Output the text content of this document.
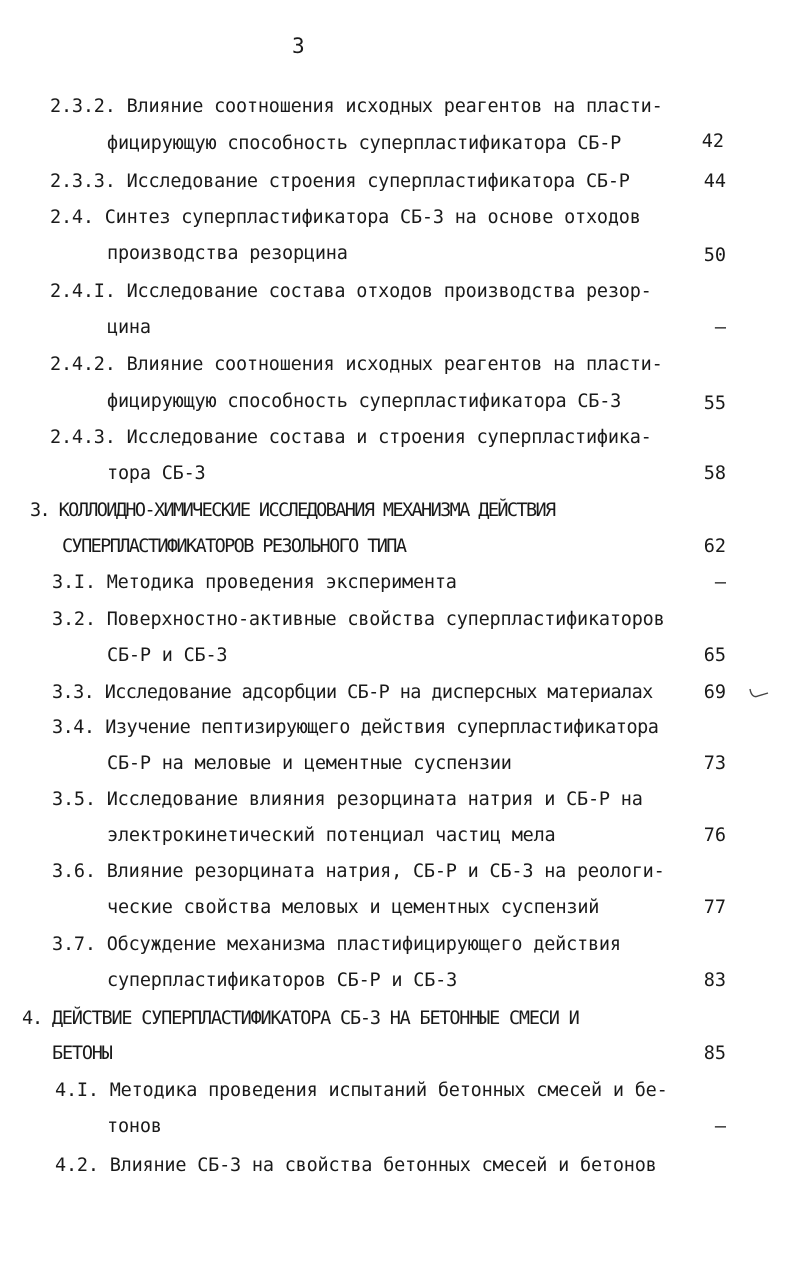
3
2.3.2. Влияние соотношения исходных реагентов на пласти-
фицирующую способность суперпластификатора СБ-Р	42
2.3.3. Исследование строения суперпластификатора СБ-Р	44
2.4. Синтез суперпластификатора СБ-3 на основе отходов
производства резорцина	50
2.4.I. Исследование состава отходов производства резор-
цина	–
2.4.2. Влияние соотношения исходных реагентов на пласти-
фицирующую способность суперпластификатора СБ-3	55
2.4.3. Исследование состава и строения суперпластифика-
тора СБ-3	58
3. КОЛЛОИДНО-ХИМИЧЕСКИЕ ИССЛЕДОВАНИЯ МЕХАНИЗМА ДЕЙСТВИЯ
СУПЕРПЛАСТИФИКАТОРОВ РЕЗОЛЬНОГО ТИПА	62
3.I. Методика проведения эксперимента	–
3.2. Поверхностно-активные свойства суперпластификаторов
СБ-Р и СБ-3	65
3.3. Исследование адсорбции СБ-Р на дисперсных материалах	69
3.4. Изучение пептизирующего действия суперпластификатора
СБ-Р на меловые и цементные суспензии	73
3.5. Исследование влияния резорцината натрия и СБ-Р на
электрокинетический потенциал частиц мела	76
3.6. Влияние резорцината натрия, СБ-Р и СБ-3 на реологи-
ческие свойства меловых и цементных суспензий	77
3.7. Обсуждение механизма пластифицирующего действия
суперпластификаторов СБ-Р и СБ-3	83
4. ДЕЙСТВИЕ СУПЕРПЛАСТИФИКАТОРА СБ-3 НА БЕТОННЫЕ СМЕСИ И
БЕТОНЫ	85
4.I. Методика проведения испытаний бетонных смесей и бе-
тонов	–
4.2. Влияние СБ-3 на свойства бетонных смесей и бетонов
